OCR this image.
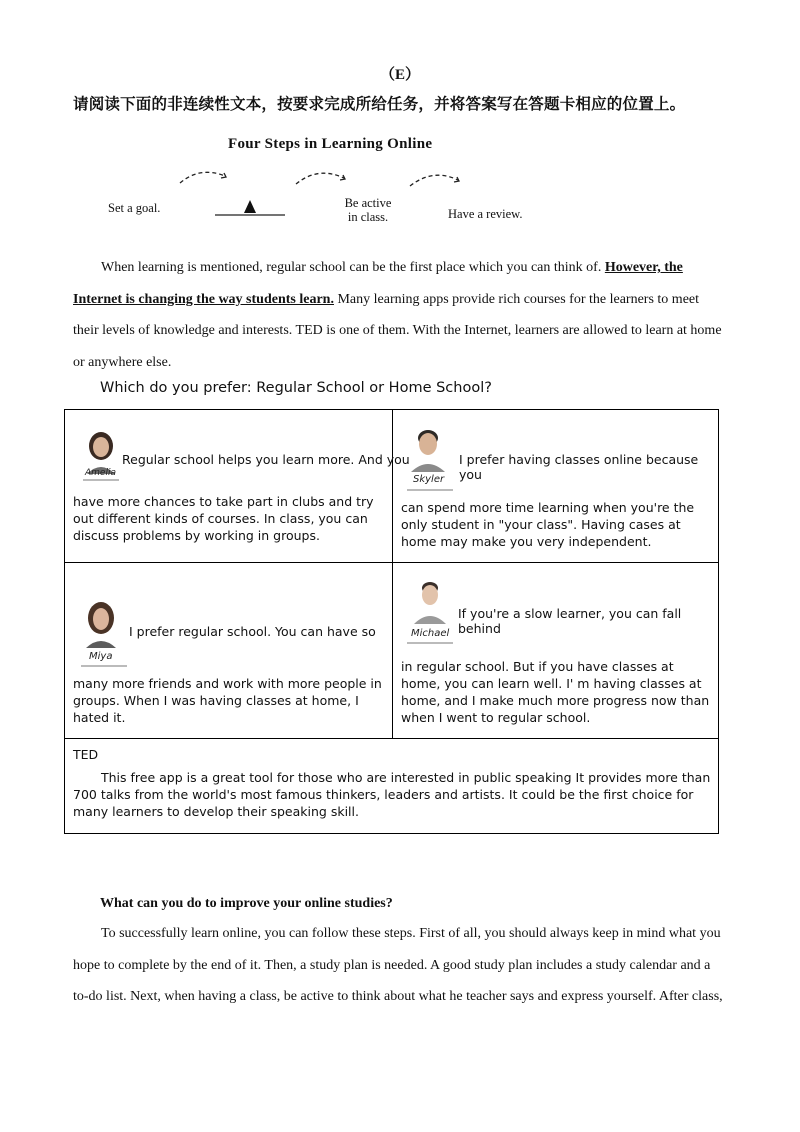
（E）
请阅读下面的非连续性文本，按要求完成所给任务，并将答案写在答题卡相应的位置上。
Four Steps in Learning Online
Set a goal.	Be active in class.	Have a review.
When learning is mentioned, regular school can be the first place which you can think of. However, the Internet is changing the way students learn. Many learning apps provide rich courses for the learners to meet their levels of knowledge and interests. TED is one of them. With the Internet, learners are allowed to learn at home or anywhere else.
Which do you prefer: Regular School or Home School?
Amelia
Regular school helps you learn more. And you
have more chances to take part in clubs and try out different kinds of courses. In class, you can discuss problems by working in groups.
Skyler
I prefer having classes online because you
can spend more time learning when you're the only student in "your class". Having cases at home may make you very independent.
Miya
I prefer regular school. You can have so
many more friends and work with more people in groups. When I was having classes at home, I hated it.
Michael
If you're a slow learner, you can fall behind
in regular school. But if you have classes at home, you can learn well. I' m having classes at home, and I make much more progress now than when I went to regular school.
TED
This free app is a great tool for those who are interested in public speaking It provides more than 700 talks from the world's most famous thinkers, leaders and artists. It could be the first choice for many learners to develop their speaking skill.
What can you do to improve your online studies?
To successfully learn online, you can follow these steps. First of all, you should always keep in mind what you hope to complete by the end of it. Then, a study plan is needed. A good study plan includes a study calendar and a to-do list. Next, when having a class, be active to think about what he teacher says and express yourself. After class,
